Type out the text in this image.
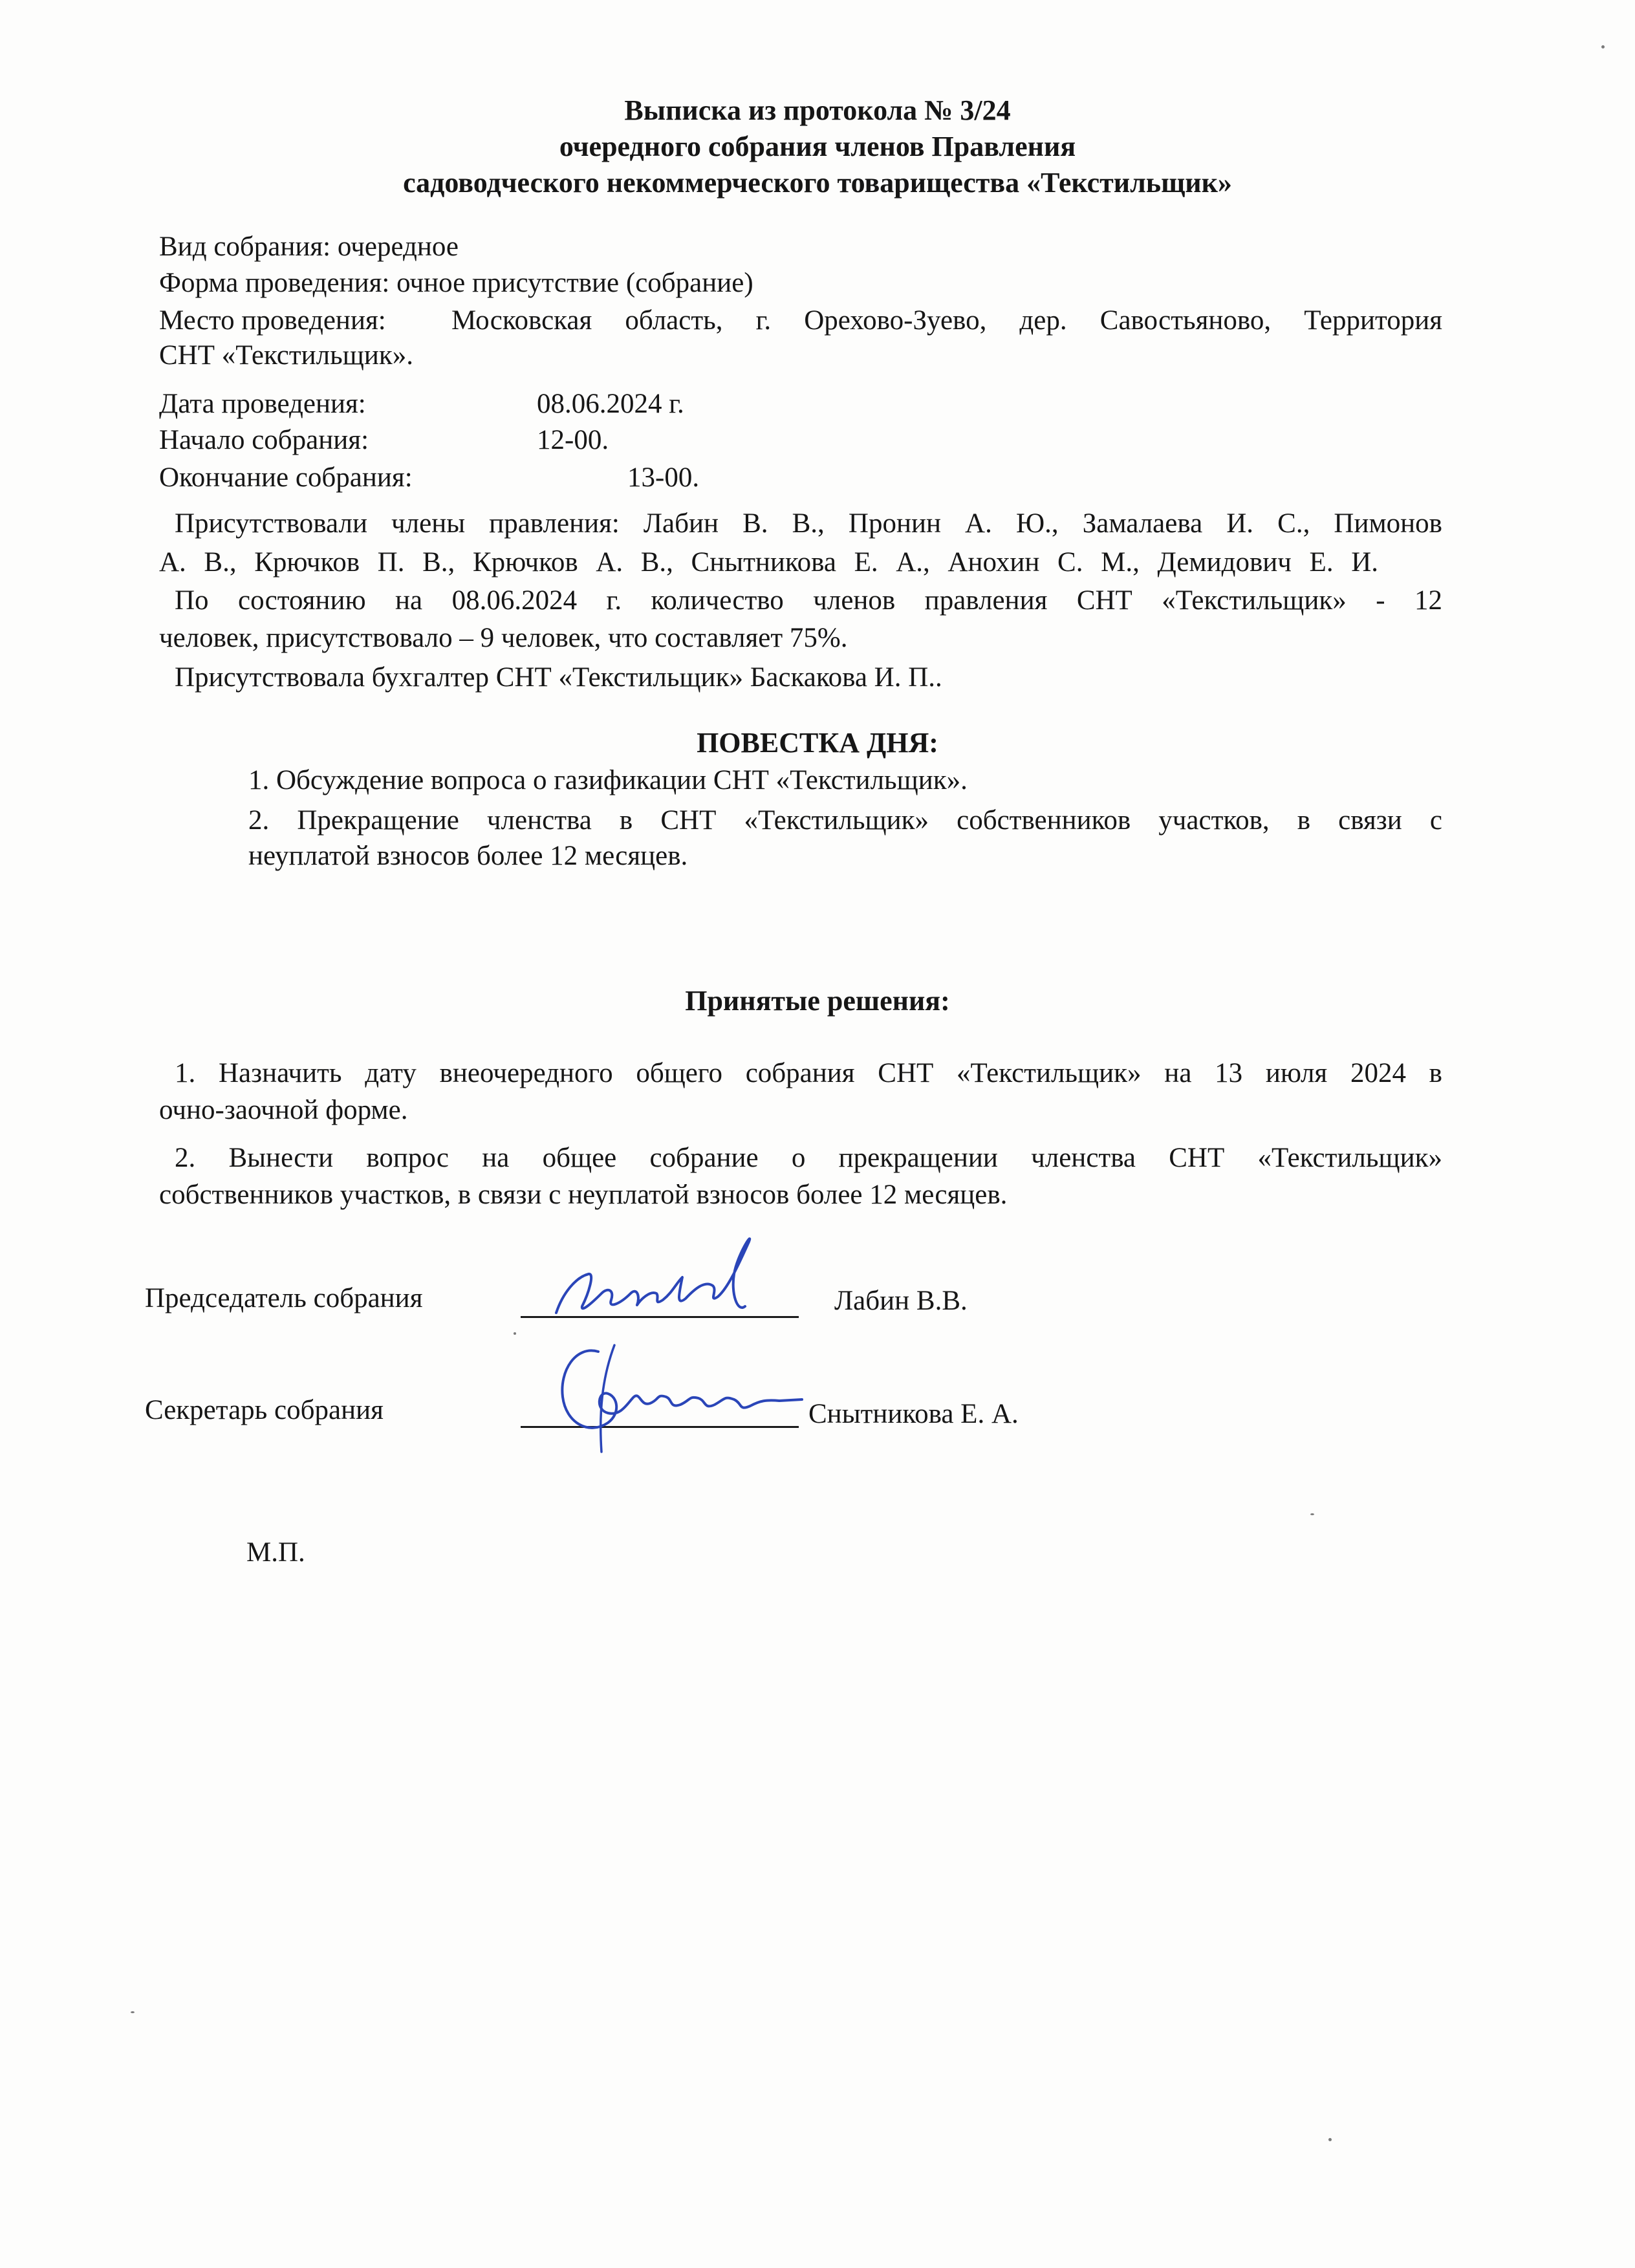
Выписка из протокола № 3/24
очередного собрания членов Правления
садоводческого некоммерческого товарищества «Текстильщик»
Вид собрания: очередное
Форма проведения: очное присутствие (собрание)
Место проведения: Московская область, г. Орехово-Зуево, дер. Савостьяново, Территория
СНТ «Текстильщик».
Дата проведения:	08.06.2024 г.
Начало собрания:	12-00.
Окончание собрания:	13-00.
Присутствовали члены правления: Лабин В. В., Пронин А. Ю., Замалаева И. С., Пимонов
А. В., Крючков П. В., Крючков А. В., Снытникова Е. А., Анохин С. М., Демидович Е. И.
По состоянию на 08.06.2024 г. количество членов правления СНТ «Текстильщик» - 12
человек, присутствовало – 9 человек, что составляет 75%.
Присутствовала бухгалтер СНТ «Текстильщик» Баскакова И. П..
ПОВЕСТКА ДНЯ:
1. Обсуждение вопроса о газификации СНТ «Текстильщик».
2. Прекращение членства в СНТ «Текстильщик» собственников участков, в связи с
неуплатой взносов более 12 месяцев.
Принятые решения:
1. Назначить дату внеочередного общего собрания СНТ «Текстильщик» на 13 июля 2024 в
очно-заочной форме.
2. Вынести вопрос на общее собрание о прекращении членства СНТ «Текстильщик»
собственников участков, в связи с неуплатой взносов более 12 месяцев.
Председатель собрания	Лабин В.В.
Секретарь собрания	Снытникова Е. А.
М.П.
